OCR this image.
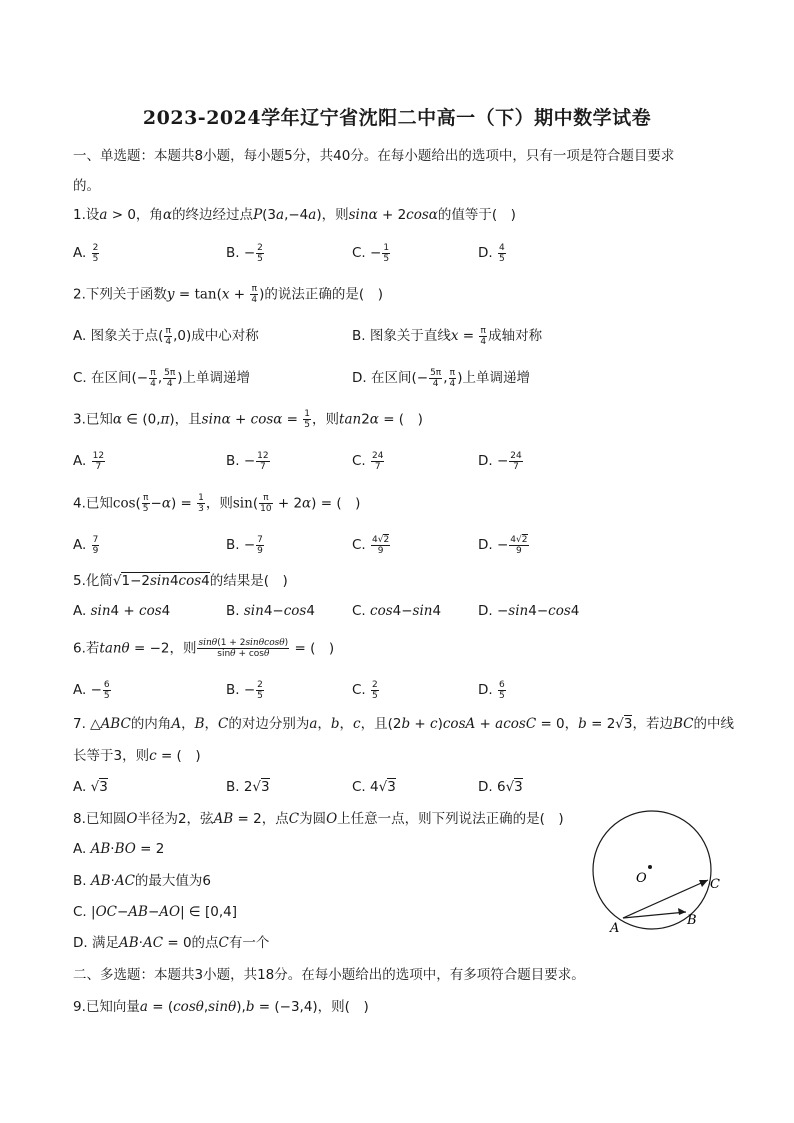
2023-2024学年辽宁省沈阳二中高一（下）期中数学试卷
一、单选题：本题共8小题，每小题5分，共40分。在每小题给出的选项中，只有一项是符合题目要求
的。
1.设a > 0，角α的终边经过点P(3a,−4a)，则sinα + 2cosα的值等于(　)
A. $\frac{2}{5}$	B. − $\frac{2}{5}$	C. − $\frac{1}{5}$	D. $\frac{4}{5}$
2.下列关于函数$y = \tan(x + \frac{\pi}{4}$ )的说法正确的是(　)
A. 图象关于点( $\frac{\pi}{4} ,0$)成中心对称	B. 图象关于直线$x = \frac{\pi}{4}$ 成轴对称
C. 在区间(− $\frac{\pi}{4}$ , $\frac{5\pi}{4}$ )上单调递增	D. 在区间(− $\frac{5\pi}{4}$ , $\frac{\pi}{4}$ )上单调递增
3.已知α ∈ (0,π)，且$\sin\alpha + \cos\alpha = \frac{1}{5}$ ，则tan2α = (　)
A. $\frac{12}{7}$	B. − $\frac{12}{7}$	C. $\frac{24}{7}$	D. − $\frac{24}{7}$
4.已知$\cos( \frac{\pi}{5} -\alpha) = \frac{1}{3}$ ，则$\sin( \frac{\pi}{10} + 2\alpha)$ = (　)
A. $\frac{7}{9}$	B. − $\frac{7}{9}$	C. $\frac{4√2}{9}$	D. − $\frac{4√2}{9}$
5.化简√1−2sin4cos4的结果是(　)
A. sin4 + cos4	B. sin4−cos4	C. cos4−sin4	D. −sin4−cos4
6.若tanθ = −2，则 $\frac{\sin\theta(1 + 2\sin\theta\cos\theta)}{\sin\theta + \cos\theta}$ = (　)
A. − $\frac{6}{5}$	B. − $\frac{2}{5}$	C. $\frac{2}{5}$	D. $\frac{6}{5}$
7. △ABC的内角A，B，C的对边分别为a，b，c，且(2b + c)cosA + acosC = 0，b = 2√3，若边BC的中线
长等于3，则c = (　)
A. √3	B. 2√3	C. 4√3	D. 6√3
8.已知圆O半径为2，弦AB = 2，点C为圆O上任意一点，则下列说法正确的是(　)
A. AB·BO = 2
B. AB·AC的最大值为6
C. |OC−AB−AO| ∈ [0,4]
D. 满足AB·AC = 0的点C有一个
O
A
B
C
二、多选题：本题共3小题，共18分。在每小题给出的选项中，有多项符合题目要求。
9.已知向量a = (cosθ,sinθ),b = (−3,4)，则(　)
